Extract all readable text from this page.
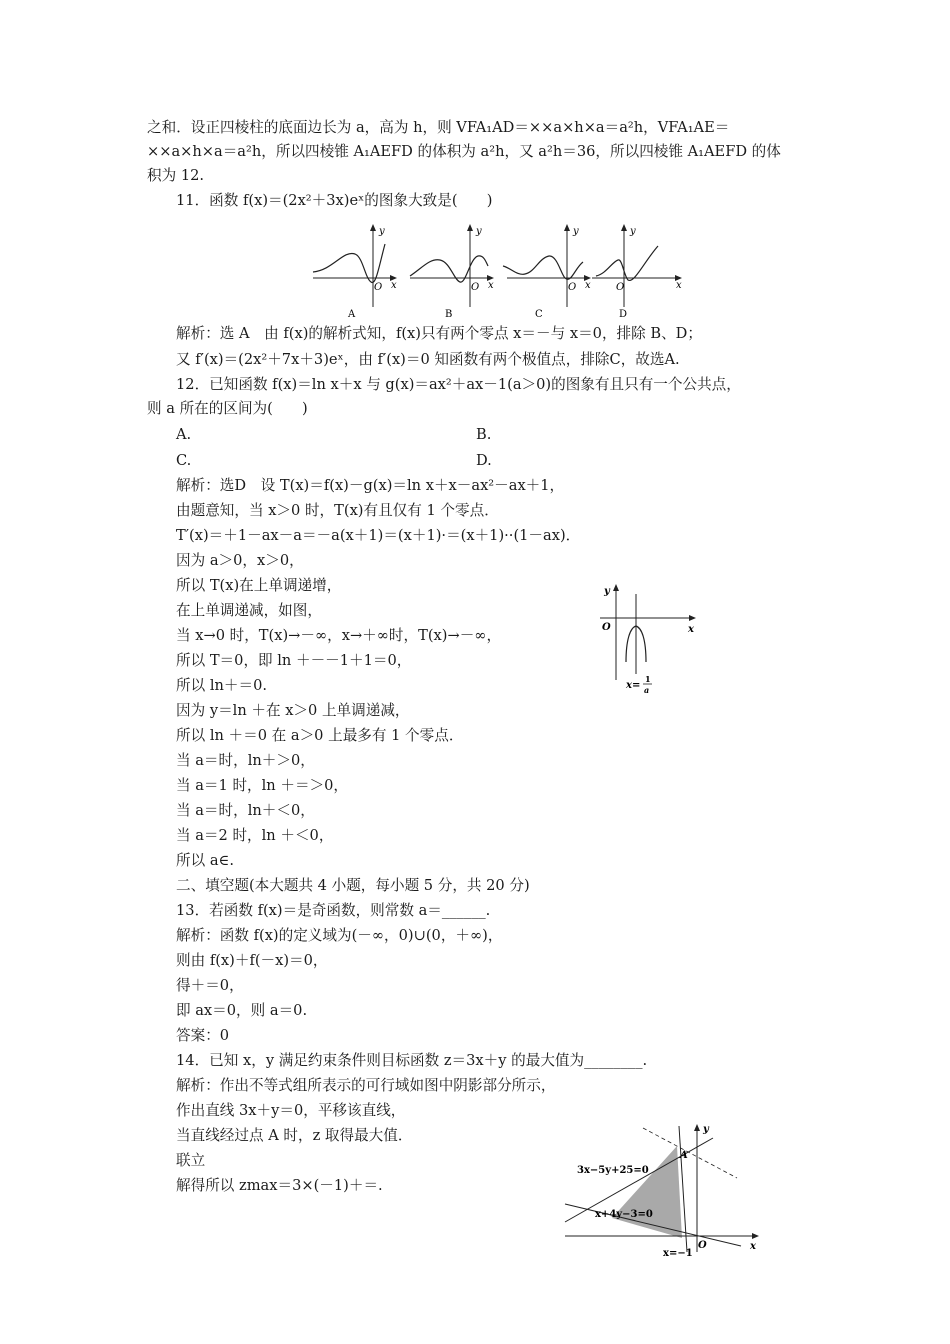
之和．设正四棱柱的底面边长为 a，高为 h，则 VFA₁AD＝××a×h×a＝a²h，VFA₁AE＝
××a×h×a＝a²h，所以四棱锥 A₁AEFD 的体积为 a²h，又 a²h＝36，所以四棱锥 A₁AEFD 的体
积为 12.
11．函数 f(x)＝(2x²＋3x)eˣ的图象大致是(　　)
y
O x
A
y
O x
B
y
O x
C
y
O	x
D
解析：选 A　由 f(x)的解析式知，f(x)只有两个零点 x＝－与 x＝0，排除 B、D；
又 f′(x)＝(2x²＋7x＋3)eˣ，由 f′(x)＝0 知函数有两个极值点，排除C，故选A.
12．已知函数 f(x)＝ln x＋x 与 g(x)＝ax²＋ax－1(a＞0)的图象有且只有一个公共点，
则 a 所在的区间为(　　)
A.	B.
C.	D.
解析：选D　设 T(x)＝f(x)－g(x)＝ln x＋x－ax²－ax＋1，
由题意知，当 x＞0 时，T(x)有且仅有 1 个零点．
T′(x)＝＋1－ax－a＝－a(x＋1)＝(x＋1)·＝(x＋1)··(1－ax)．
因为 a＞0，x＞0，
所以 T(x)在上单调递增，
在上单调递减，如图，
当 x→0 时，T(x)→－∞，x→＋∞时，T(x)→－∞，
所以 T＝0，即 ln ＋－－1＋1＝0，
所以 ln＋＝0.
y
O	x
x=
1
a
因为 y＝ln ＋在 x＞0 上单调递减，
所以 ln ＋＝0 在 a＞0 上最多有 1 个零点．
当 a＝时，ln＋＞0，
当 a＝1 时，ln ＋＝＞0，
当 a＝时，ln＋＜0，
当 a＝2 时，ln ＋＜0，
所以 a∈.
二、填空题(本大题共 4 小题，每小题 5 分，共 20 分)
13．若函数 f(x)＝是奇函数，则常数 a＝______.
解析：函数 f(x)的定义域为(－∞，0)∪(0，＋∞)，
则由 f(x)＋f(－x)＝0，
得＋＝0，
即 ax＝0，则 a＝0.
答案：0
14．已知 x，y 满足约束条件则目标函数 z＝3x＋y 的最大值为________.
解析：作出不等式组所表示的可行域如图中阴影部分所示，
作出直线 3x＋y＝0，平移该直线，
当直线经过点 A 时，z 取得最大值．
联立
解得所以 zmax＝3×(－1)＋＝.
y
x
O
A
3x−5y+25=0
x+4y−3=0
x=−1
